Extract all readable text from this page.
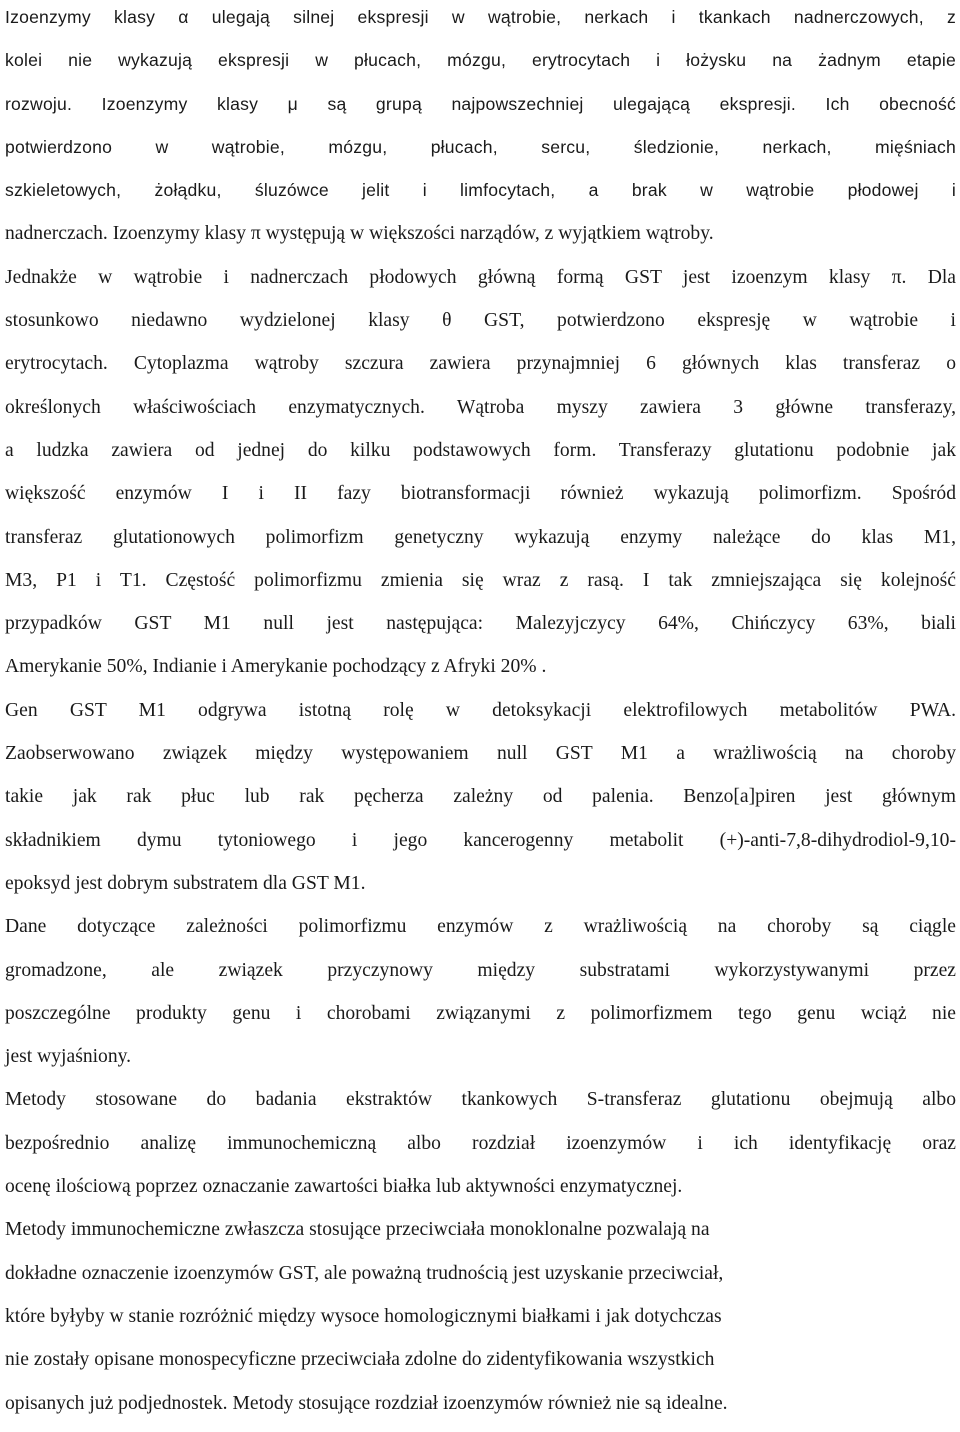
Izoenzymy klasy α ulegają silnej ekspresji w wątrobie, nerkach i tkankach nadnerczowych, z
kolei nie wykazują ekspresji w płucach, mózgu, erytrocytach i łożysku na żadnym etapie
rozwoju. Izoenzymy klasy μ są grupą najpowszechniej ulegającą ekspresji. Ich obecność
potwierdzono w wątrobie, mózgu, płucach, sercu, śledzionie, nerkach, mięśniach
szkieletowych, żołądku, śluzówce jelit i limfocytach, a brak w wątrobie płodowej i
nadnerczach. Izoenzymy klasy π występują w większości narządów, z wyjątkiem wątroby.
Jednakże w wątrobie i nadnerczach płodowych główną formą GST jest izoenzym klasy π. Dla
stosunkowo niedawno wydzielonej klasy θ GST, potwierdzono ekspresję w wątrobie i
erytrocytach. Cytoplazma wątroby szczura zawiera przynajmniej 6 głównych klas transferaz o
określonych właściwościach enzymatycznych. Wątroba myszy zawiera 3 główne transferazy,
a ludzka zawiera od jednej do kilku podstawowych form. Transferazy glutationu podobnie jak
większość enzymów I i II fazy biotransformacji również wykazują polimorfizm. Spośród
transferaz glutationowych polimorfizm genetyczny wykazują enzymy należące do klas M1,
M3, P1 i T1. Częstość polimorfizmu zmienia się wraz z rasą. I tak zmniejszająca się kolejność
przypadków GST M1 null jest następująca: Malezyjczycy 64%, Chińczycy 63%, biali
Amerykanie 50%, Indianie i Amerykanie pochodzący z Afryki 20% .
Gen GST M1 odgrywa istotną rolę w detoksykacji elektrofilowych metabolitów PWA.
Zaobserwowano związek między występowaniem null GST M1 a wrażliwością na choroby
takie jak rak płuc lub rak pęcherza zależny od palenia. Benzo[a]piren jest głównym
składnikiem dymu tytoniowego i jego kancerogenny metabolit (+)-anti-7,8-dihydrodiol-9,10-
epoksyd jest dobrym substratem dla GST M1.
Dane dotyczące zależności polimorfizmu enzymów z wrażliwością na choroby są ciągle
gromadzone, ale związek przyczynowy między substratami wykorzystywanymi przez
poszczególne produkty genu i chorobami związanymi z polimorfizmem tego genu wciąż nie
jest wyjaśniony.
Metody stosowane do badania ekstraktów tkankowych S-transferaz glutationu obejmują albo
bezpośrednio analizę immunochemiczną albo rozdział izoenzymów i ich identyfikację oraz
ocenę ilościową poprzez oznaczanie zawartości białka lub aktywności enzymatycznej.
Metody immunochemiczne zwłaszcza stosujące przeciwciała monoklonalne pozwalają na
dokładne oznaczenie izoenzymów GST, ale poważną trudnością jest uzyskanie przeciwciał,
które byłyby w stanie rozróżnić między wysoce homologicznymi białkami i jak dotychczas
nie zostały opisane monospecyficzne przeciwciała zdolne do zidentyfikowania wszystkich
opisanych już podjednostek. Metody stosujące rozdział izoenzymów również nie są idealne.
